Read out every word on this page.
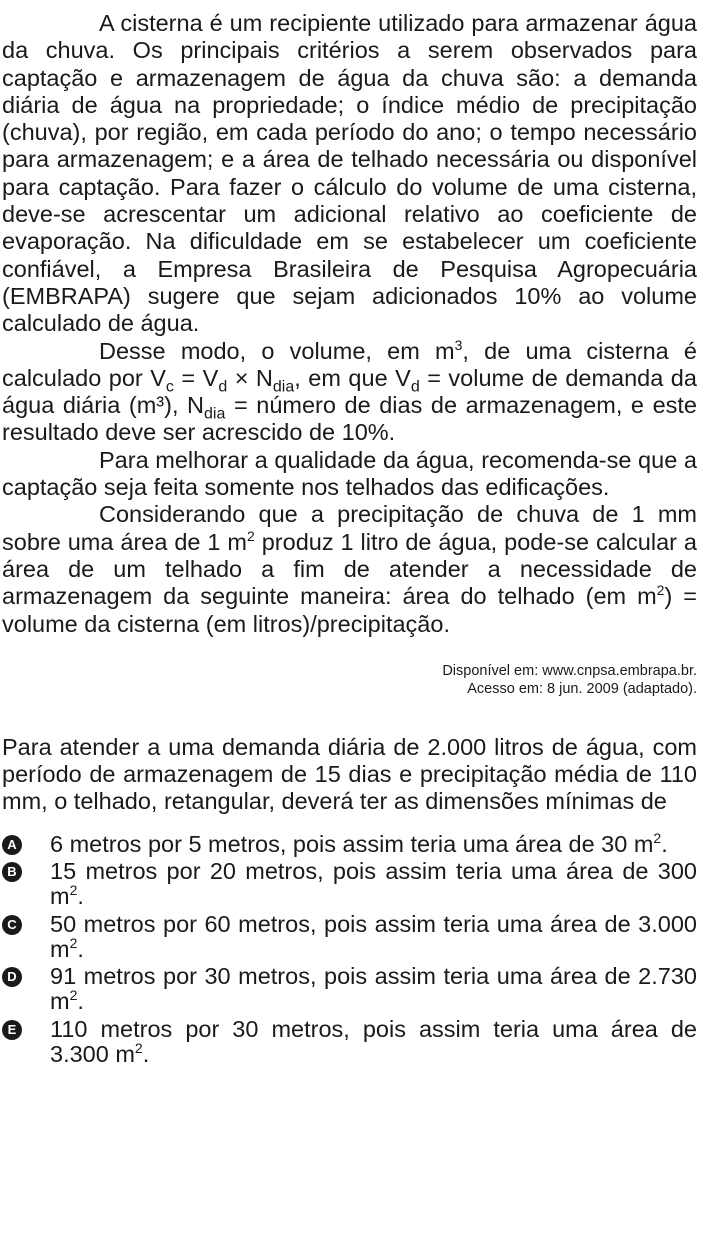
A cisterna é um recipiente utilizado para armazenar água da chuva. Os principais critérios a serem observados para captação e armazenagem de água da chuva são: a demanda diária de água na propriedade; o índice médio de precipitação (chuva), por região, em cada período do ano; o tempo necessário para armazenagem; e a área de telhado necessária ou disponível para captação. Para fazer o cálculo do volume de uma cisterna, deve-se acrescentar um adicional relativo ao coeficiente de evaporação. Na dificuldade em se estabelecer um coeficiente confiável, a Empresa Brasileira de Pesquisa Agropecuária (EMBRAPA) sugere que sejam adicionados 10% ao volume calculado de água.

Desse modo, o volume, em $m^3$, de uma cisterna é calculado por $V_c = V_d \times N_{dia}$, em que $V_d$ = volume de demanda da água diária (m³), $N_{dia}$ = número de dias de armazenagem, e este resultado deve ser acrescido de 10%.

Para melhorar a qualidade da água, recomenda-se que a captação seja feita somente nos telhados das edificações.

Considerando que a precipitação de chuva de 1 mm sobre uma área de 1 $m^2$ produz 1 litro de água, pode-se calcular a área de um telhado a fim de atender a necessidade de armazenagem da seguinte maneira: área do telhado (em $m^2$) = volume da cisterna (em litros)/precipitação.

Disponível em: www.cnpsa.embrapa.br.
Acesso em: 8 jun. 2009 (adaptado).

Para atender a uma demanda diária de 2.000 litros de água, com período de armazenagem de 15 dias e precipitação média de 110 mm, o telhado, retangular, deverá ter as dimensões mínimas de

A 6 metros por 5 metros, pois assim teria uma área de 30 $m^2$.
B 15 metros por 20 metros, pois assim teria uma área de 300 $m^2$.
C 50 metros por 60 metros, pois assim teria uma área de 3.000 $m^2$.
D 91 metros por 30 metros, pois assim teria uma área de 2.730 $m^2$.
E 110 metros por 30 metros, pois assim teria uma área de 3.300 $m^2$.
